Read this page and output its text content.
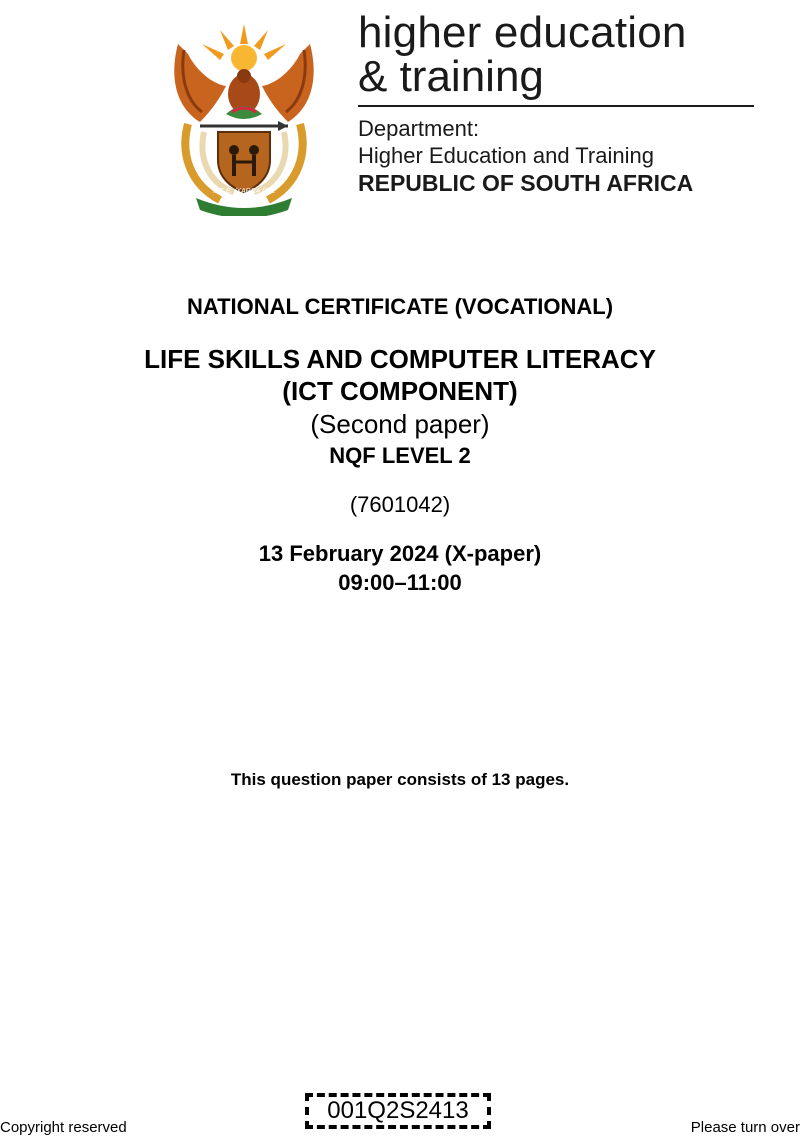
!KE E: /XARRA //KE
higher education
& training
Department:
Higher Education and Training
REPUBLIC OF SOUTH AFRICA
NATIONAL CERTIFICATE (VOCATIONAL)
LIFE SKILLS AND COMPUTER LITERACY
(ICT COMPONENT)
(Second paper)
NQF LEVEL 2
(7601042)
13 February 2024 (X-paper)
09:00–11:00
This question paper consists of 13 pages.
Copyright reserved
001Q2S2413
Please turn over
